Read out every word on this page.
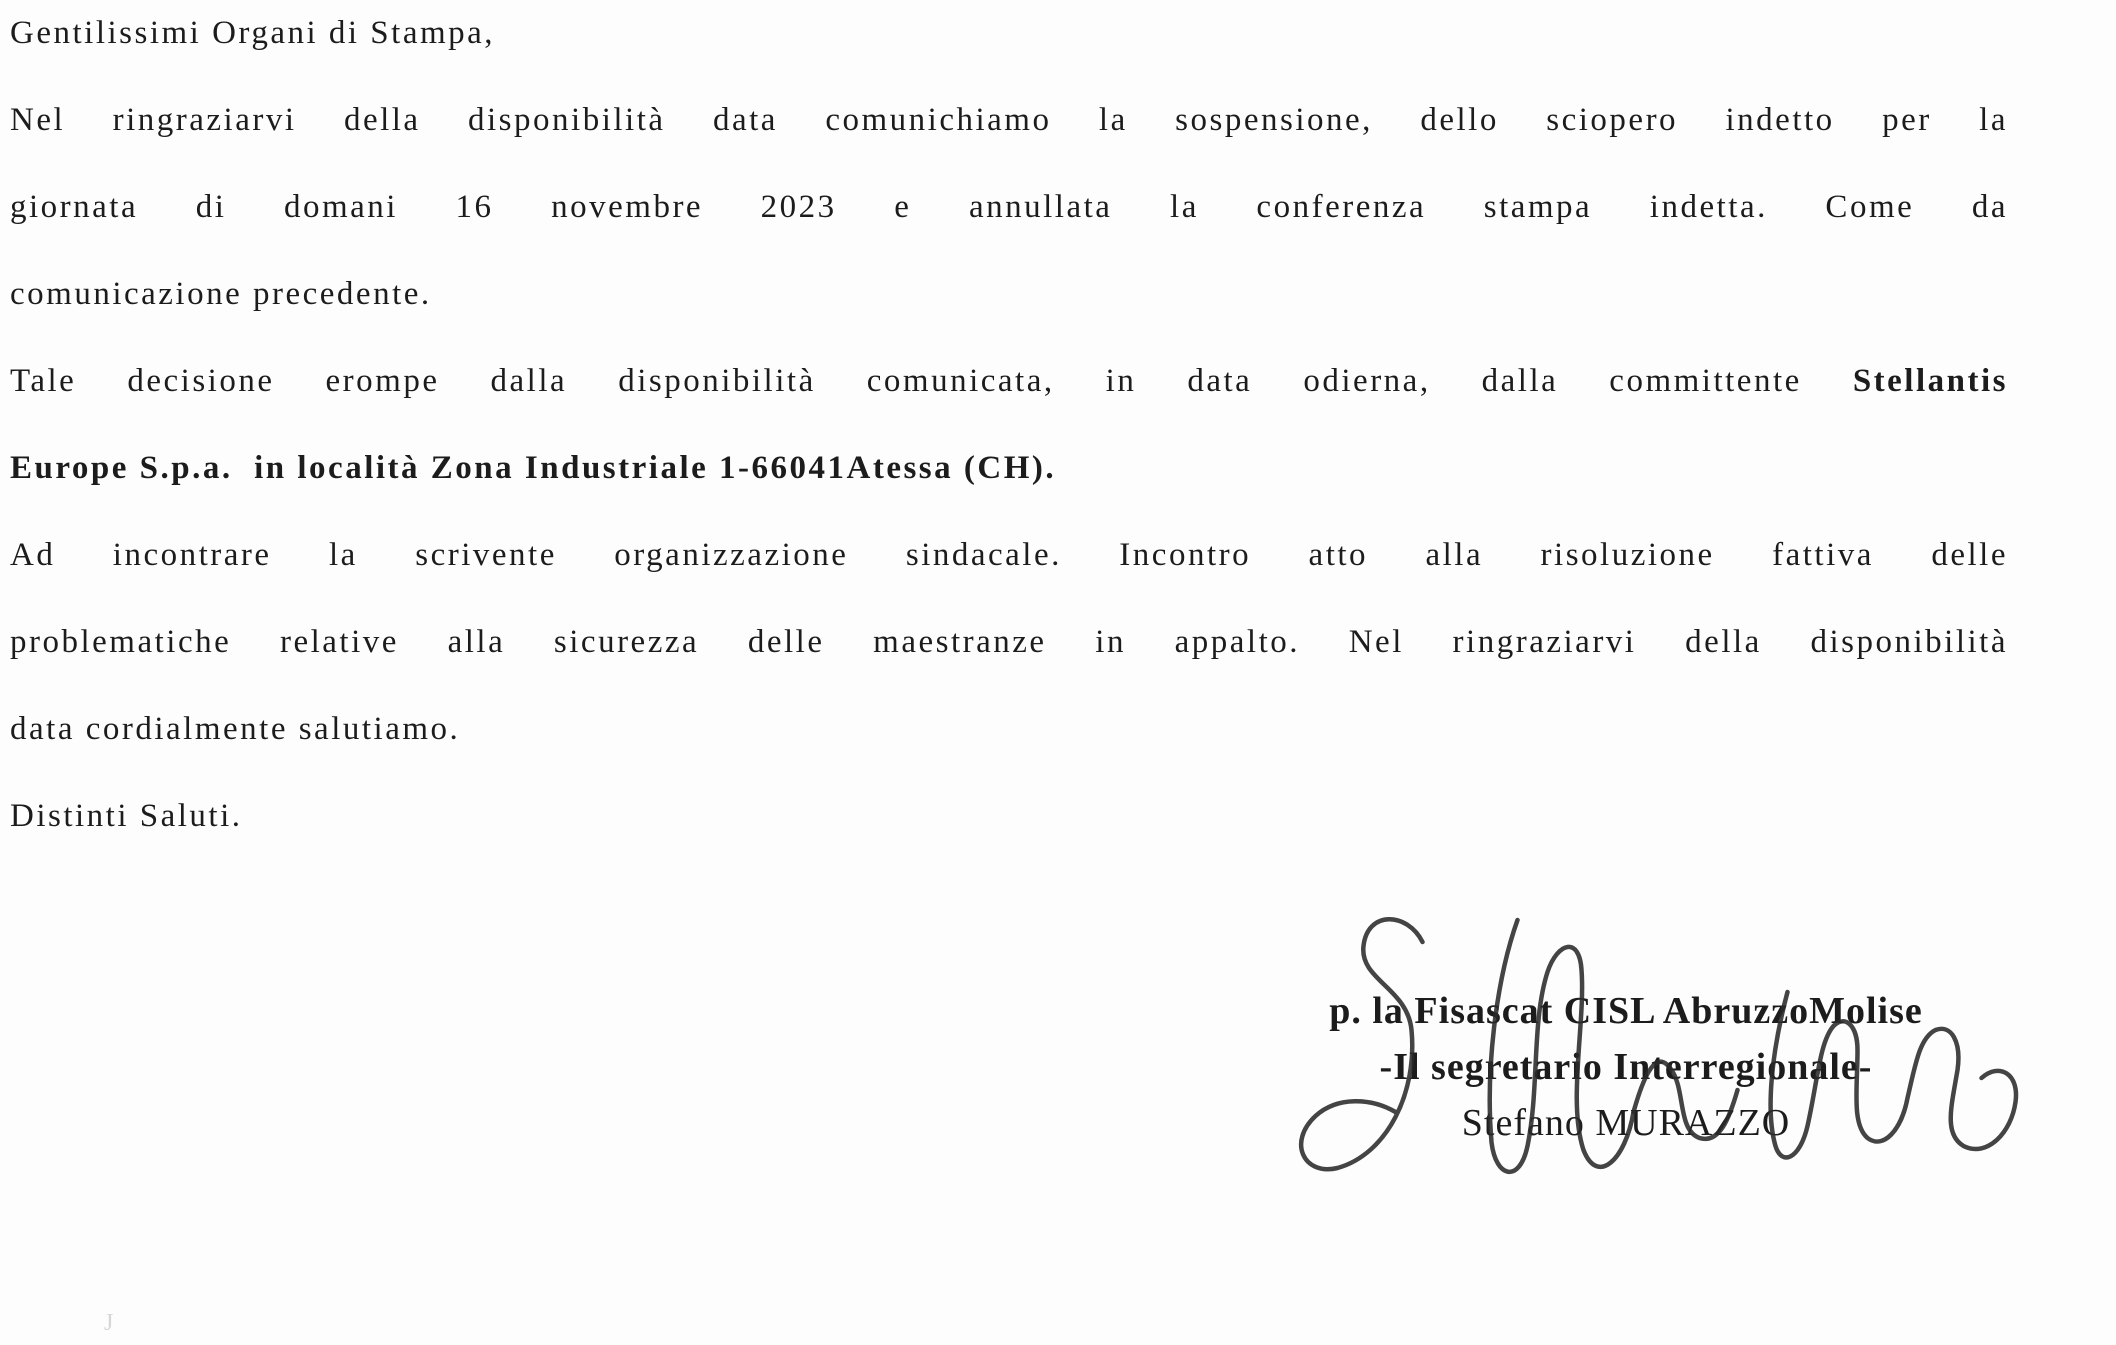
Gentilissimi Organi di Stampa,
Nel ringraziarvi della disponibilità data comunichiamo la sospensione, dello sciopero indetto per la
giornata di domani 16 novembre 2023 e annullata la conferenza stampa indetta. Come da
comunicazione precedente.
Tale decisione erompe dalla disponibilità comunicata, in data odierna, dalla committente Stellantis
Europe S.p.a.  in località Zona Industriale 1-66041Atessa (CH).
Ad incontrare la scrivente organizzazione sindacale. Incontro atto alla risoluzione fattiva delle
problematiche relative alla sicurezza delle maestranze in appalto. Nel ringraziarvi della disponibilità
data cordialmente salutiamo.
Distinti Saluti.
p. la Fisascat CISL AbruzzoMolise
-Il segretario Interregionale-
Stefano MURAZZO
J
